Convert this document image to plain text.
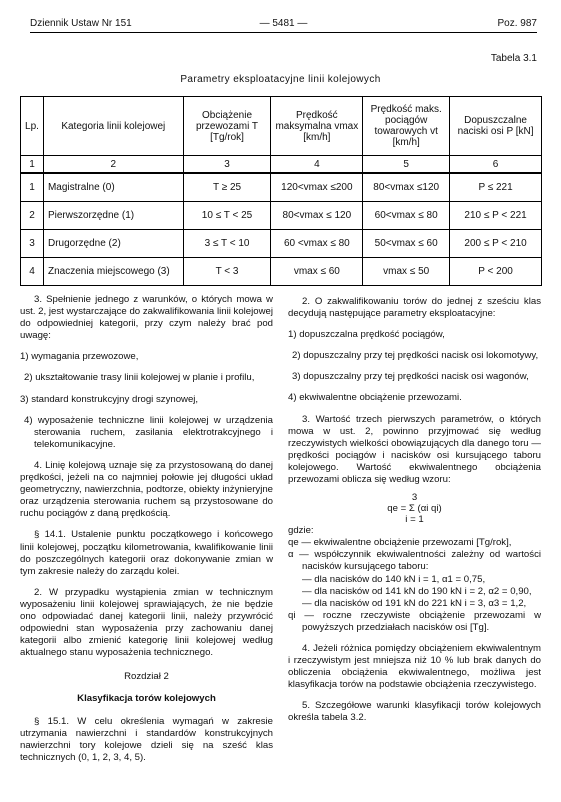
Dziennik Ustaw Nr 151	— 5481 —	Poz. 987
Tabela 3.1
Parametry eksploatacyjne linii kolejowych
Lp.	Kategoria linii kolejowej	Obciążenie przewozami T [Tg/rok]	Prędkość maksymalna vmax [km/h]	Prędkość maks. pociągów towarowych vt [km/h]	Dopuszczalne naciski osi P [kN]
1	2	3	4	5	6
1	Magistralne (0)	T ≥ 25	120<vmax ≤200	80<vmax ≤120	P ≤ 221
2	Pierwszorzędne (1)	10 ≤ T < 25	80<vmax ≤ 120	60<vmax ≤ 80	210 ≤ P < 221
3	Drugorzędne (2)	3 ≤ T < 10	60 <vmax ≤ 80	50<vmax ≤ 60	200 ≤ P < 210
4	Znaczenia miejscowego (3)	T < 3	vmax ≤ 60	vmax ≤ 50	P < 200

3. Spełnienie jednego z warunków, o których mowa w ust. 2, jest wystarczające do zakwalifikowania linii kolejowej do odpowiedniej kategorii, przy czym należy brać pod uwagę:

1) wymagania przewozowe,

2) ukształtowanie trasy linii kolejowej w planie i profilu,

3) standard konstrukcyjny drogi szynowej,

4) wyposażenie techniczne linii kolejowej w urządzenia sterowania ruchem, zasilania elektrotrakcyjnego i telekomunikacyjne.

4. Linię kolejową uznaje się za przystosowaną do danej prędkości, jeżeli na co najmniej połowie jej długości układ geometryczny, nawierzchnia, podtorze, obiekty inżynieryjne oraz urządzenia sterowania ruchem są przystosowane do ruchu pociągów z daną prędkością.

§ 14.1. Ustalenie punktu początkowego i końcowego linii kolejowej, początku kilometrowania, kwalifikowanie linii do poszczególnych kategorii oraz dokonywanie zmian w tym zakresie należy do zarządu kolei.

2. W przypadku wystąpienia zmian w technicznym wyposażeniu linii kolejowej sprawiających, że nie będzie ono odpowiadać danej kategorii linii, należy przywrócić odpowiedni stan wyposażenia przy zachowaniu danej kategorii albo zmienić kategorię linii kolejowej według aktualnego stanu wyposażenia technicznego.

Rozdział 2

Klasyfikacja torów kolejowych

§ 15.1. W celu określenia wymagań w zakresie utrzymania nawierzchni i standardów konstrukcyjnych nawierzchni tory kolejowe dzieli się na sześć klas technicznych (0, 1, 2, 3, 4, 5).

2. O zakwalifikowaniu torów do jednej z sześciu klas decydują następujące parametry eksploatacyjne:

1) dopuszczalna prędkość pociągów,

2) dopuszczalny przy tej prędkości nacisk osi lokomotywy,

3) dopuszczalny przy tej prędkości nacisk osi wagonów,

4) ekwiwalentne obciążenie przewozami.

3. Wartość trzech pierwszych parametrów, o których mowa w ust. 2, powinno przyjmować się według rzeczywistych wielkości obowiązujących dla danego toru — prędkości pociągów i nacisków osi kursującego taboru kolejowego. Wartość ekwiwalentnego obciążenia przewozami oblicza się według wzoru:

3

qe = Σ (αi qi)

i = 1

gdzie:

qe — ekwiwalentne obciążenie przewozami [Tg/rok],

α — współczynnik ekwiwalentności zależny od wartości nacisków kursującego taboru:

— dla nacisków do 140 kN i = 1, α1 = 0,75,

— dla nacisków od 141 kN do 190 kN i = 2, α2 = 0,90,

— dla nacisków od 191 kN do 221 kN i = 3, α3 = 1,2,

qi — roczne rzeczywiste obciążenie przewozami w powyższych przedziałach nacisków osi [Tg].

4. Jeżeli różnica pomiędzy obciążeniem ekwiwalentnym i rzeczywistym jest mniejsza niż 10 % lub brak danych do obliczenia obciążenia ekwiwalentnego, możliwa jest klasyfikacja torów na podstawie obciążenia rzeczywistego.

5. Szczegółowe warunki klasyfikacji torów kolejowych określa tabela 3.2.
